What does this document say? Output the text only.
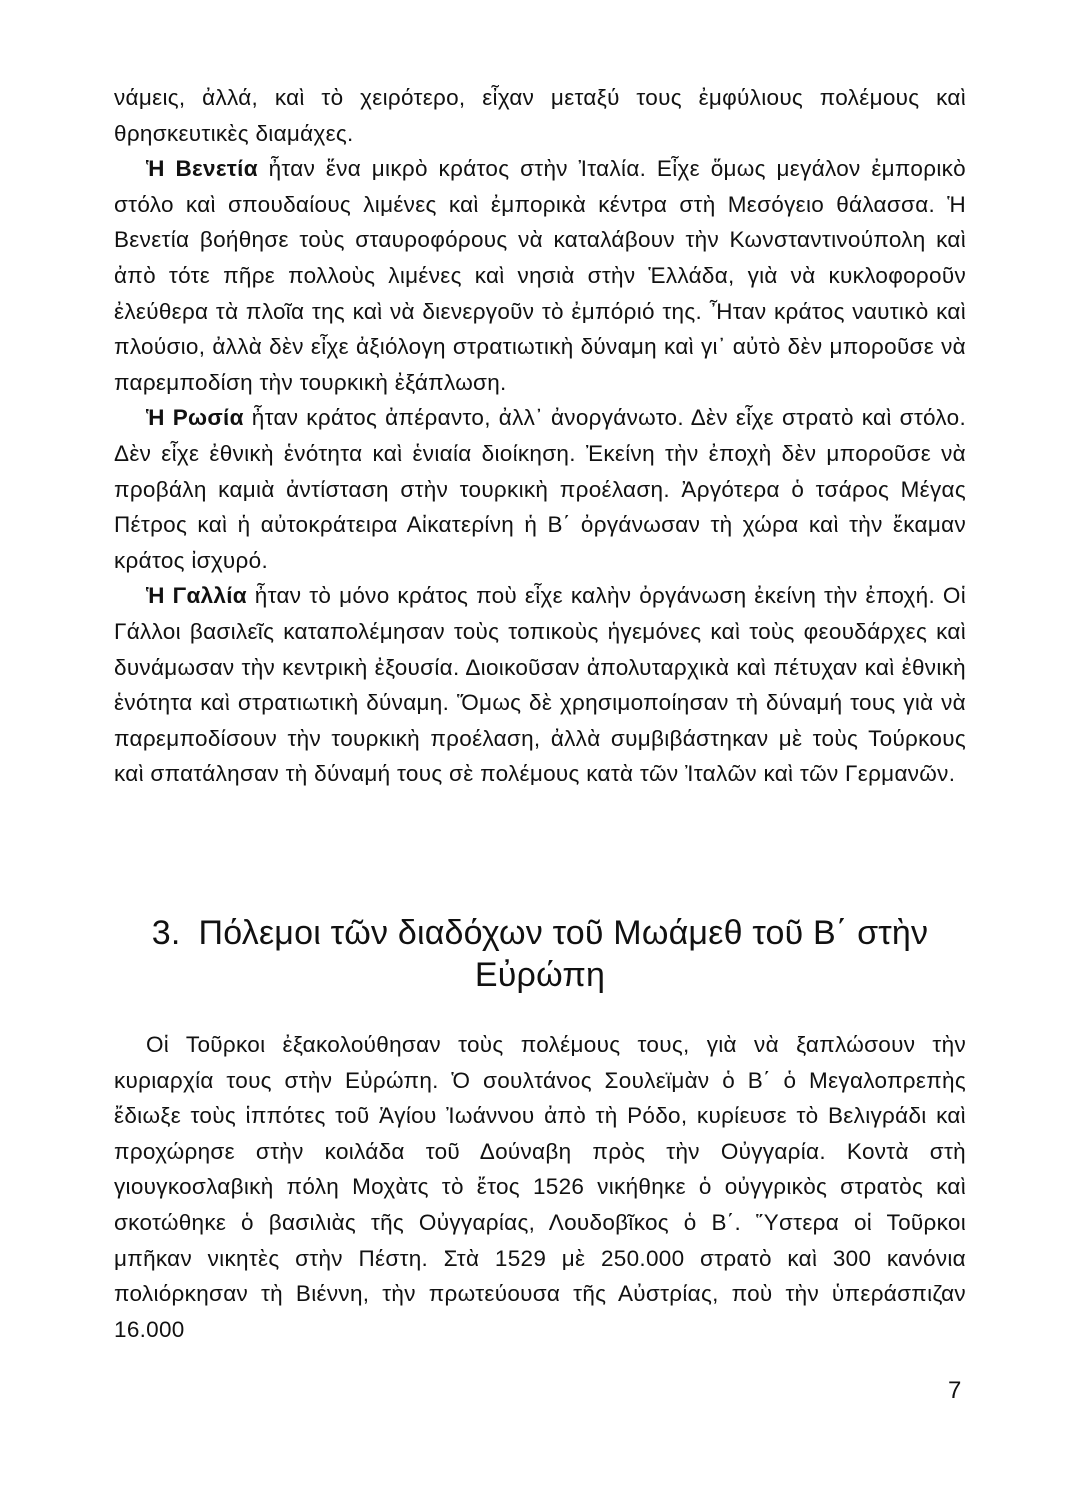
νάμεις, ἀλλά, καὶ τὸ χειρότερο, εἶχαν μεταξύ τους ἐμφύλιους πολέμους καὶ θρησκευτικὲς διαμάχες.

Ἡ Βενετία ἦταν ἕνα μικρὸ κράτος στὴν Ἰταλία. Εἶχε ὅμως μεγάλον ἐμπορικὸ στόλο καὶ σπουδαίους λιμένες καὶ ἐμπορικὰ κέντρα στὴ Μεσόγειο θάλασσα. Ἡ Βενετία βοήθησε τοὺς σταυροφόρους νὰ καταλάβουν τὴν Κωνσταντινούπολη καὶ ἀπὸ τότε πῆρε πολλοὺς λιμένες καὶ νησιὰ στὴν Ἑλλάδα, γιὰ νὰ κυκλοφοροῦν ἐλεύθερα τὰ πλοῖα της καὶ νὰ διενεργοῦν τὸ ἐμπόριό της. Ἦταν κράτος ναυτικὸ καὶ πλούσιο, ἀλλὰ δὲν εἶχε ἀξιόλογη στρατιωτικὴ δύναμη καὶ γι᾿ αὐτὸ δὲν μποροῦσε νὰ παρεμποδίση τὴν τουρκικὴ ἐξάπλωση.

Ἡ Ρωσία ἦταν κράτος ἀπέραντο, ἀλλ᾿ ἀνοργάνωτο. Δὲν εἶχε στρατὸ καὶ στόλο. Δὲν εἶχε ἐθνικὴ ἑνότητα καὶ ἑνιαία διοίκηση. Ἐκείνη τὴν ἐποχὴ δὲν μποροῦσε νὰ προβάλη καμιὰ ἀντίσταση στὴν τουρκικὴ προέλαση. Ἀργότερα ὁ τσάρος Μέγας Πέτρος καὶ ἡ αὐτοκράτειρα Αἰκατερίνη ἡ Β΄ ὀργάνωσαν τὴ χώρα καὶ τὴν ἔκαμαν κράτος ἰσχυρό.

Ἡ Γαλλία ἦταν τὸ μόνο κράτος ποὺ εἶχε καλὴν ὀργάνωση ἐκείνη τὴν ἐποχή. Οἱ Γάλλοι βασιλεῖς καταπολέμησαν τοὺς τοπικοὺς ἡγεμόνες καὶ τοὺς φεουδάρχες καὶ δυνάμωσαν τὴν κεντρικὴ ἐξουσία. Διοικοῦσαν ἀπολυταρχικὰ καὶ πέτυχαν καὶ ἐθνικὴ ἑνότητα καὶ στρατιωτικὴ δύναμη. Ὅμως δὲ χρησιμοποίησαν τὴ δύναμή τους γιὰ νὰ παρεμποδίσουν τὴν τουρκικὴ προέλαση, ἀλλὰ συμβιβάστηκαν μὲ τοὺς Τούρκους καὶ σπατάλησαν τὴ δύναμή τους σὲ πολέμους κατὰ τῶν Ἰταλῶν καὶ τῶν Γερμανῶν.

3. Πόλεμοι τῶν διαδόχων τοῦ Μωάμεθ τοῦ Β΄ στὴν Εὐρώπη

Οἱ Τοῦρκοι ἐξακολούθησαν τοὺς πολέμους τους, γιὰ νὰ ξαπλώσουν τὴν κυριαρχία τους στὴν Εὐρώπη. Ὁ σουλτάνος Σουλεϊμὰν ὁ Β΄ ὁ Μεγαλοπρεπὴς ἔδιωξε τοὺς ἱππότες τοῦ Ἁγίου Ἰωάννου ἀπὸ τὴ Ρόδο, κυρίευσε τὸ Βελιγράδι καὶ προχώρησε στὴν κοιλάδα τοῦ Δούναβη πρὸς τὴν Οὐγγαρία. Κοντὰ στὴ γιουγκοσλαβικὴ πόλη Μοχὰτς τὸ ἔτος 1526 νικήθηκε ὁ οὐγγρικὸς στρατὸς καὶ σκοτώθηκε ὁ βασιλιὰς τῆς Οὐγγαρίας, Λουδοβῖκος ὁ Β΄. Ὕστερα οἱ Τοῦρκοι μπῆκαν νικητὲς στὴν Πέστη. Στὰ 1529 μὲ 250.000 στρατὸ καὶ 300 κανόνια πολιόρκησαν τὴ Βιέννη, τὴν πρωτεύουσα τῆς Αὐστρίας, ποὺ τὴν ὑπεράσπιζαν 16.000

7
